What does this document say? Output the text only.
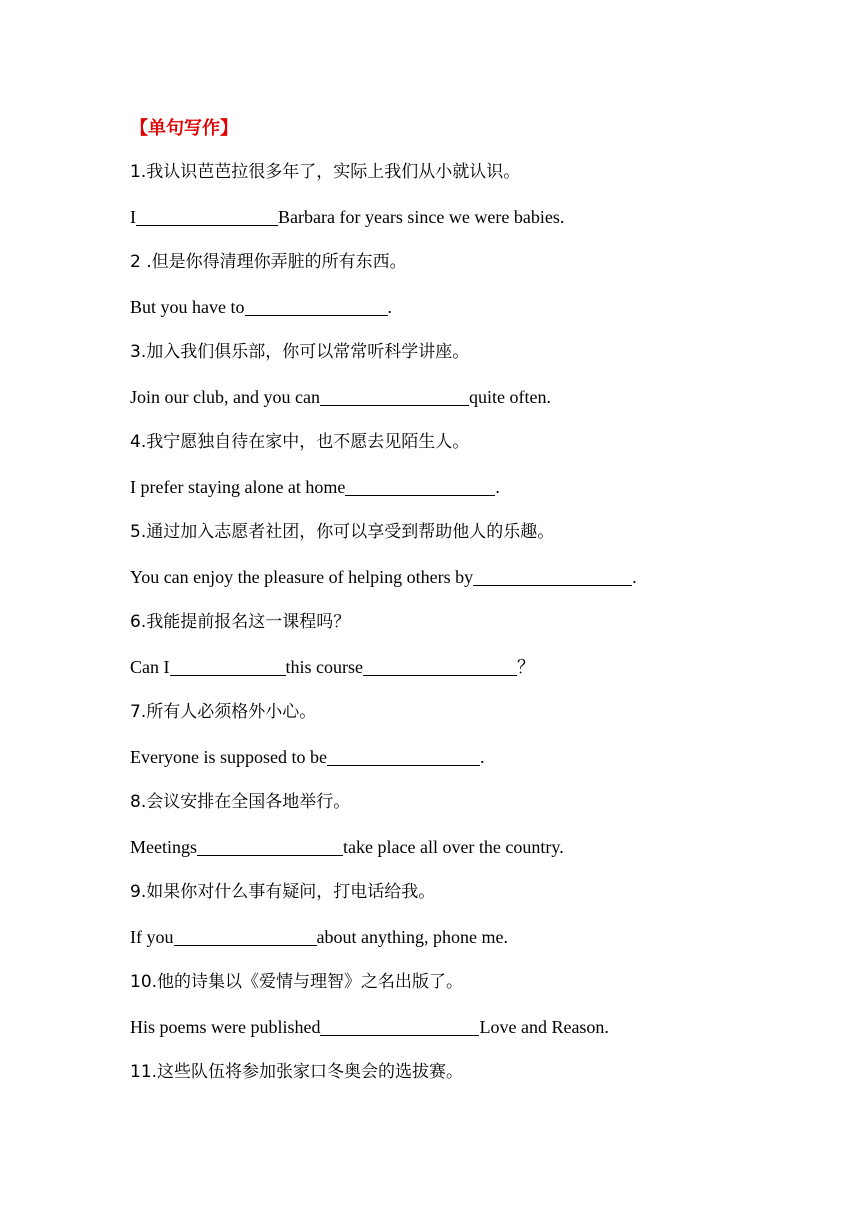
【单句写作】
1.我认识芭芭拉很多年了，实际上我们从小就认识。
I	Barbara for years since we were babies.
2 .但是你得清理你弄脏的所有东西。
But you have to	.
3.加入我们俱乐部，你可以常常听科学讲座。
Join our club, and you can	quite often.
4.我宁愿独自待在家中，也不愿去见陌生人。
I prefer staying alone at home	.
5.通过加入志愿者社团，你可以享受到帮助他人的乐趣。
You can enjoy the pleasure of helping others by	.
6.我能提前报名这一课程吗？
Can I	this course	？
7.所有人必须格外小心。
Everyone is supposed to be	.
8.会议安排在全国各地举行。
Meetings	take place all over the country.
9.如果你对什么事有疑问，打电话给我。
If you	about anything, phone me.
10.他的诗集以《爱情与理智》之名出版了。
His poems were published	Love and Reason.
11.这些队伍将参加张家口冬奥会的选拔赛。
